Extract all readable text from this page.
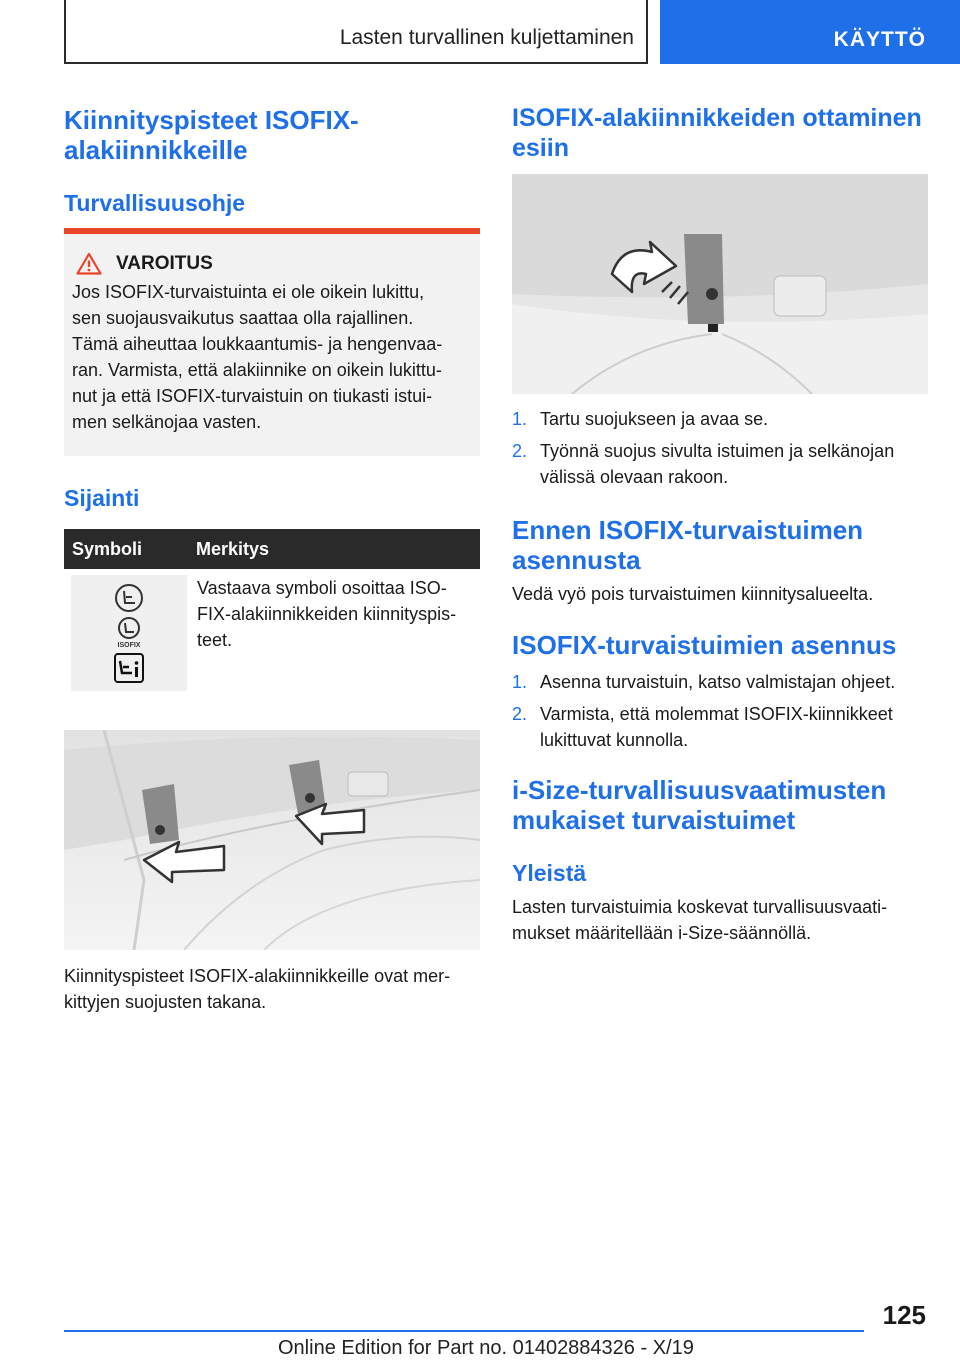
Lasten turvallinen kuljettaminen	KÄYTTÖ
Kiinnityspisteet ISOFIX-
alakiinnikkeille
Turvallisuusohje
VAROITUS
Jos ISOFIX-turvaistuinta ei ole oikein lukittu,
sen suojausvaikutus saattaa olla rajallinen.
Tämä aiheuttaa loukkaantumis- ja hengenvaa-
ran. Varmista, että alakiinnike on oikein lukittu-
nut ja että ISOFIX-turvaistuin on tiukasti istui-
men selkänojaa vasten.
Sijainti
Symboli	Merkitys
ISOFIX
Vastaava symboli osoittaa ISO-
FIX-alakiinnikkeiden kiinnityspis-
teet.
Kiinnityspisteet ISOFIX-alakiinnikkeille ovat mer-
kittyjen suojusten takana.
ISOFIX-alakiinnikkeiden ottaminen
esiin
1. Tartu suojukseen ja avaa se.
2. Työnnä suojus sivulta istuimen ja selkänojan
välissä olevaan rakoon.
Ennen ISOFIX-turvaistuimen
asennusta
Vedä vyö pois turvaistuimen kiinnitysalueelta.
ISOFIX-turvaistuimien asennus
1. Asenna turvaistuin, katso valmistajan ohjeet.
2. Varmista, että molemmat ISOFIX-kiinnikkeet
lukittuvat kunnolla.
i-Size-turvallisuusvaatimusten
mukaiset turvaistuimet
Yleistä
Lasten turvaistuimia koskevat turvallisuusvaati-
mukset määritellään i-Size-säännöllä.
125
Online Edition for Part no. 01402884326 - X/19
